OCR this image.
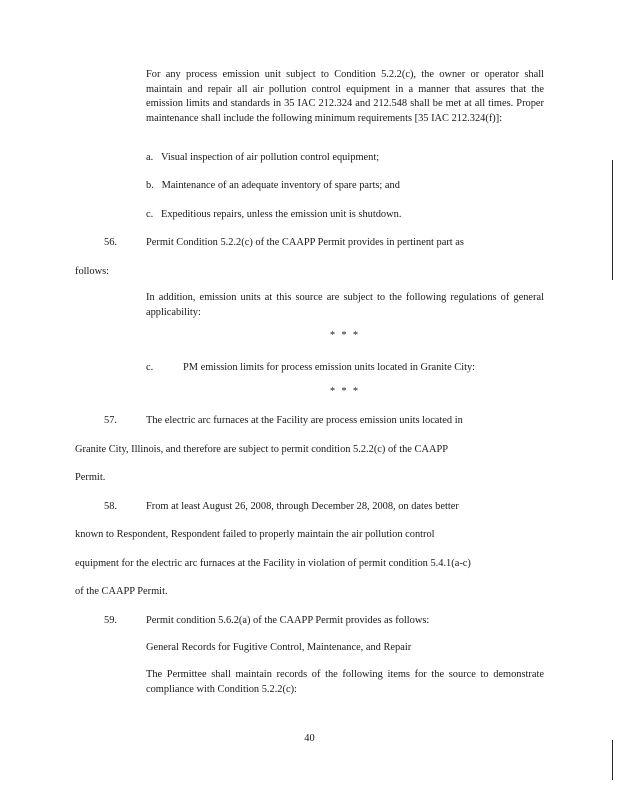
For any process emission unit subject to Condition 5.2.2(c), the owner or operator shall maintain and repair all air pollution control equipment in a manner that assures that the emission limits and standards in 35 IAC 212.324 and 212.548 shall be met at all times. Proper maintenance shall include the following minimum requirements [35 IAC 212.324(f)]:

a.   Visual inspection of air pollution control equipment;

b.   Maintenance of an adequate inventory of spare parts; and

c.   Expeditious repairs, unless the emission unit is shutdown.

56.	Permit Condition 5.2.2(c) of the CAAPP Permit provides in pertinent part as

follows:

In addition, emission units at this source are subject to the following regulations of general applicability:

* * *

c.	PM emission limits for process emission units located in Granite City:

* * *

57.	The electric arc furnaces at the Facility are process emission units located in

Granite City, Illinois, and therefore are subject to permit condition 5.2.2(c) of the CAAPP

Permit.

58.	From at least August 26, 2008, through December 28, 2008, on dates better

known to Respondent, Respondent failed to properly maintain the air pollution control

equipment for the electric arc furnaces at the Facility in violation of permit condition 5.4.1(a-c)

of the CAAPP Permit.

59.	Permit condition 5.6.2(a) of the CAAPP Permit provides as follows:

General Records for Fugitive Control, Maintenance, and Repair

The Permittee shall maintain records of the following items for the source to demonstrate compliance with Condition 5.2.2(c):

40
